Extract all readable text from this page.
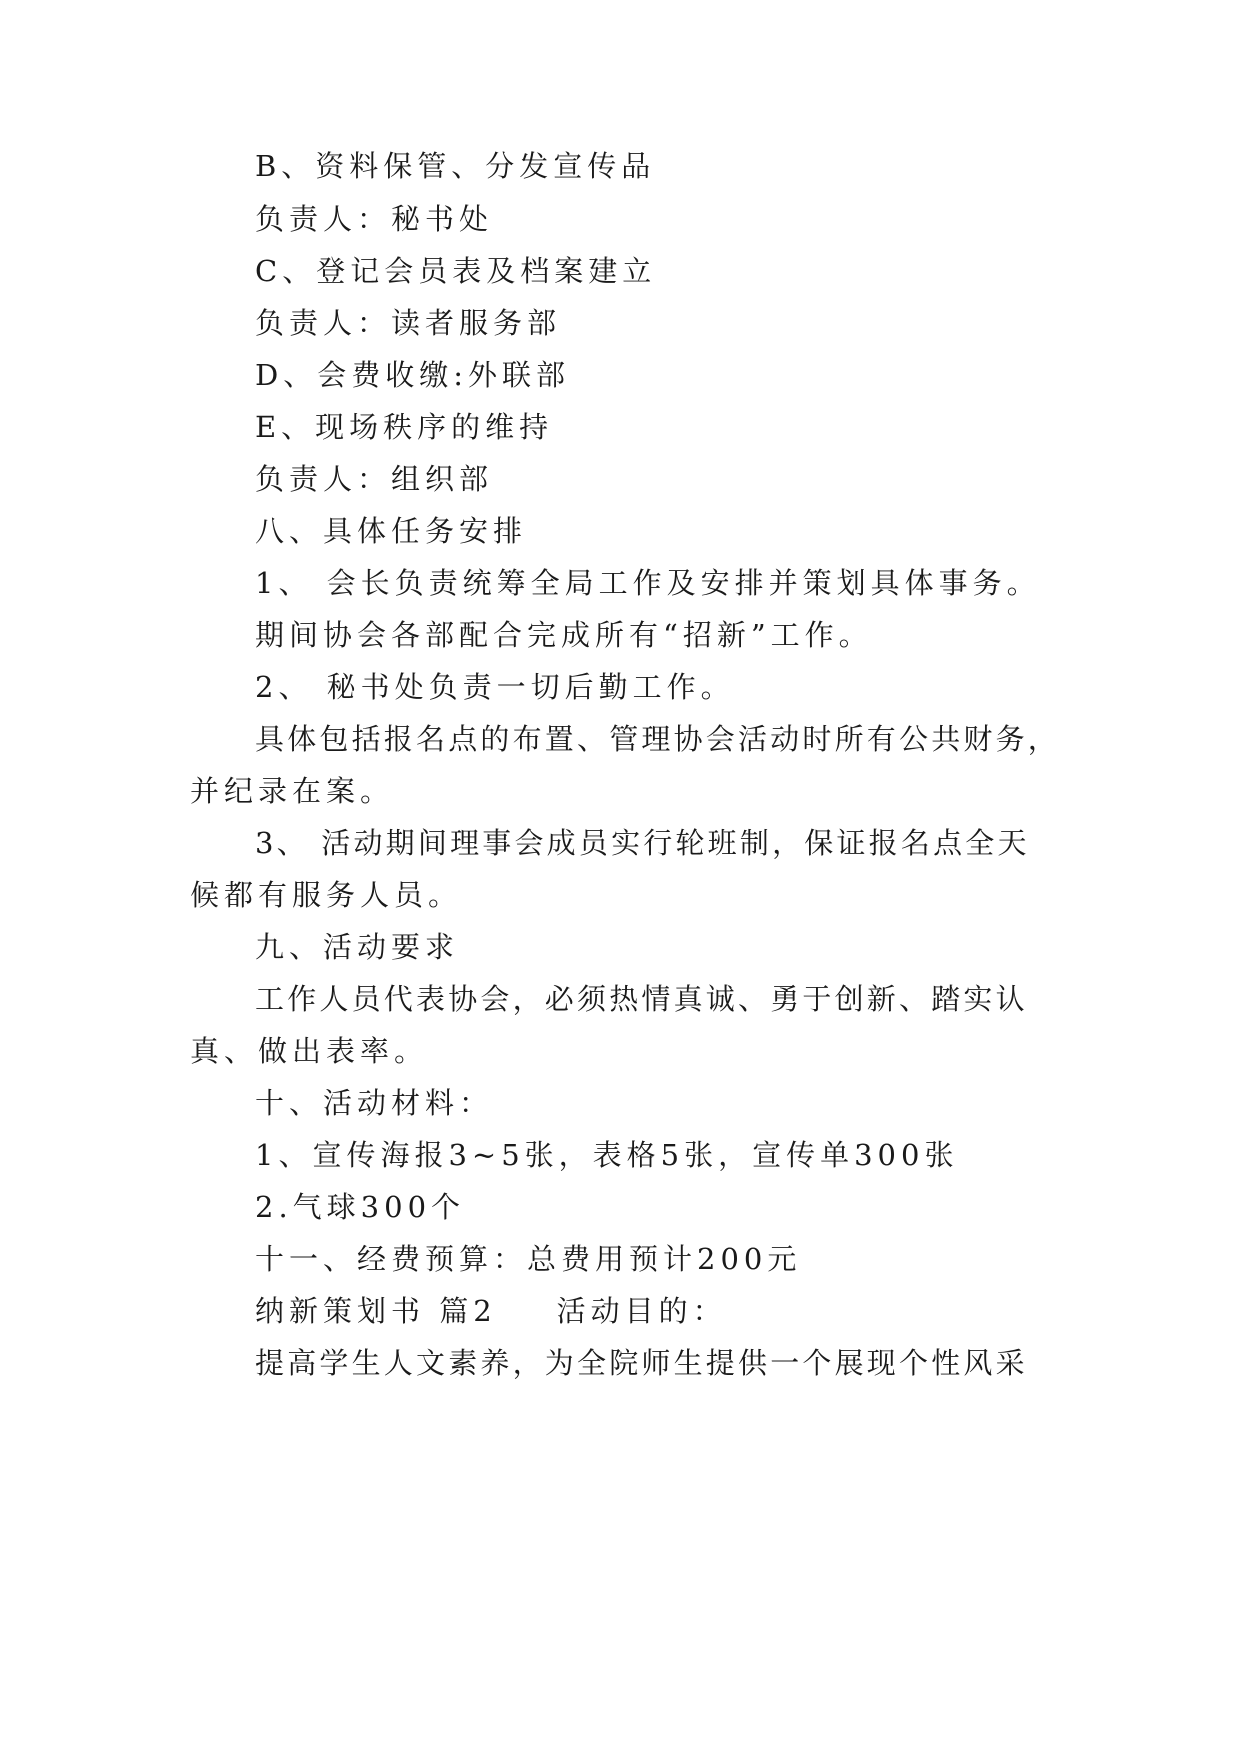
B、资料保管、分发宣传品
负责人：秘书处
C、登记会员表及档案建立
负责人：读者服务部
D、会费收缴:外联部
E、现场秩序的维持
负责人：组织部
八、具体任务安排
1、 会长负责统筹全局工作及安排并策划具体事务。
期间协会各部配合完成所有“招新”工作。
2、 秘书处负责一切后勤工作。
具体包括报名点的布置、管理协会活动时所有公共财务，
并纪录在案。
3、 活动期间理事会成员实行轮班制，保证报名点全天
候都有服务人员。
九、活动要求
工作人员代表协会，必须热情真诚、勇于创新、踏实认
真、做出表率。
十、活动材料：
1、宣传海报3~5张，表格5张，宣传单300张
2.气球300个
十一、经费预算：总费用预计200元
纳新策划书 篇2 活动目的：
提高学生人文素养，为全院师生提供一个展现个性风采
